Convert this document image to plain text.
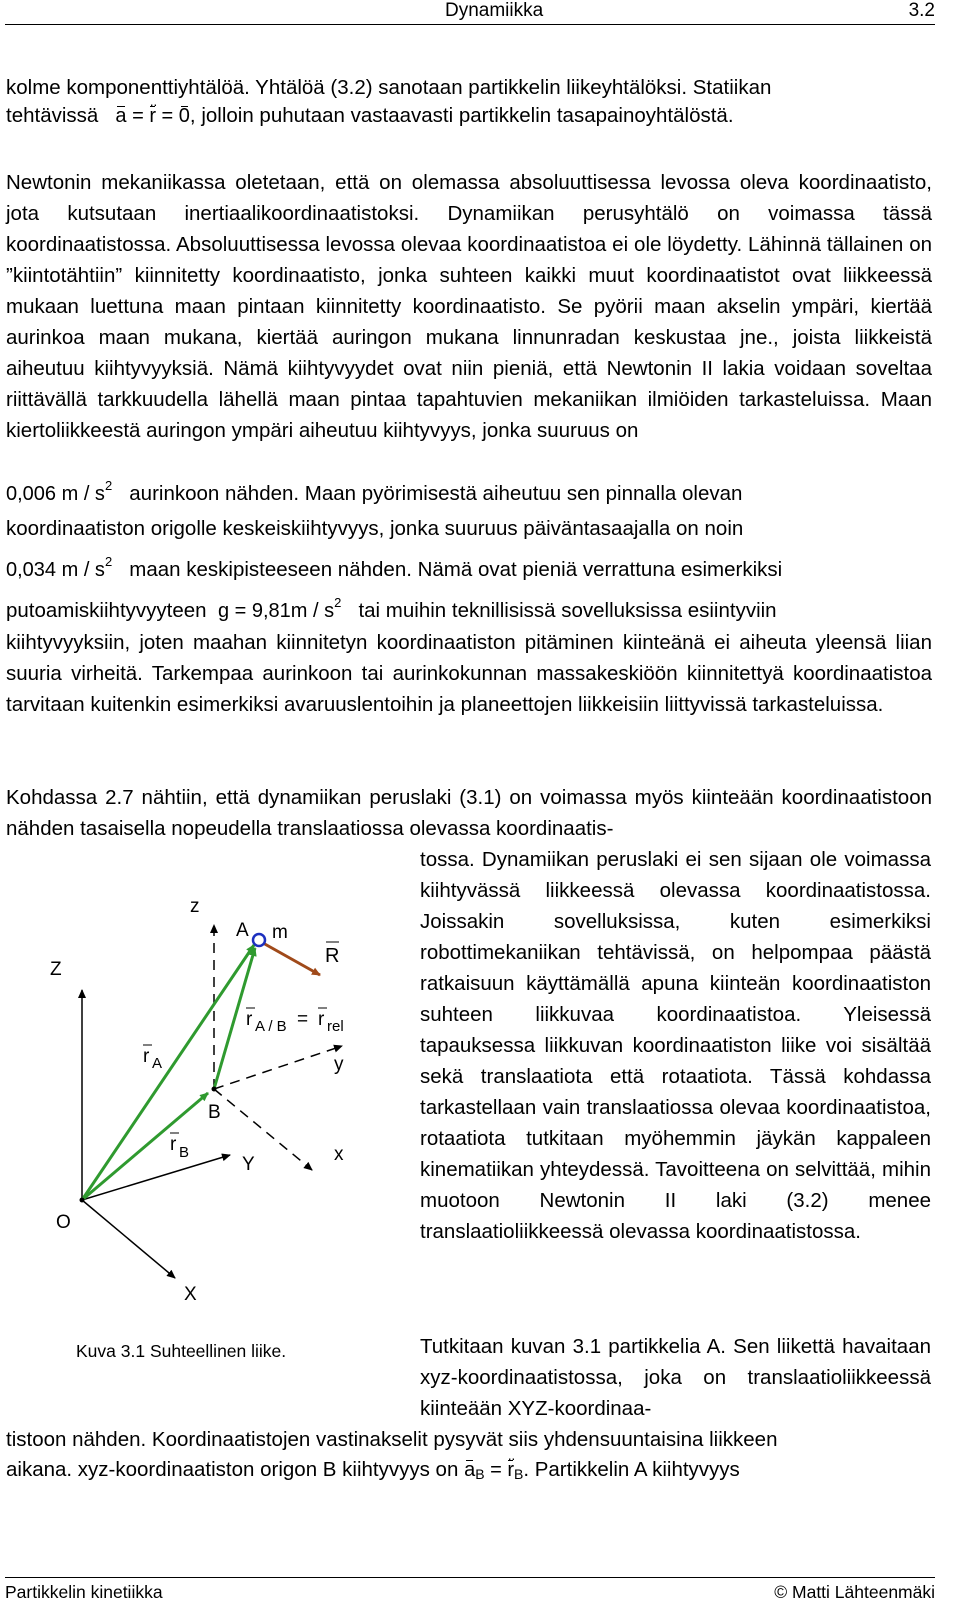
Dynamiikka	3.2
kolme komponenttiyhtälöä. Yhtälöä (3.2) sanotaan partikkelin liikeyhtälöksi. Statiikan
tehtävissä a = ·· r = 0, jolloin puhutaan vastaavasti partikkelin tasapainoyhtälöstä.

Newtonin mekaniikassa oletetaan, että on olemassa absoluuttisessa levossa oleva koordinaatisto, jota kutsutaan inertiaalikoordinaatistoksi. Dynamiikan perusyhtälö on voimassa tässä koordinaatistossa. Absoluuttisessa levossa olevaa koordinaatistoa ei ole löydetty. Lähinnä tällainen on ”kiintotähtiin” kiinnitetty koordinaatisto, jonka suhteen kaikki muut koordinaatistot ovat liikkeessä mukaan luettuna maan pintaan kiinnitetty koordinaatisto. Se pyörii maan akselin ympäri, kiertää aurinkoa maan mukana, kiertää auringon mukana linnunradan keskustaa jne., joista liikkeistä aiheutuu kiihtyvyyksiä. Nämä kiihtyvyydet ovat niin pieniä, että Newtonin II lakia voidaan soveltaa riittävällä tarkkuudella lähellä maan pintaa tapahtuvien mekaniikan ilmiöiden tarkasteluissa. Maan kiertoliikkeestä auringon ympäri aiheutuu kiihtyvyys, jonka suuruus on

0,006 m / $s^2$   aurinkoon nähden. Maan pyörimisestä aiheutuu sen pinnalla olevan
koordinaatiston origolle keskeiskiihtyvyys, jonka suuruus päiväntasaajalla on noin
0,034 m / $s^2$   maan keskipisteeseen nähden. Nämä ovat pieniä verrattuna esimerkiksi
putoamiskiihtyvyyteen  $g = 9,81m / s^2$   tai muihin teknillisissä sovelluksissa esiintyviin

kiihtyvyyksiin, joten maahan kiinnitetyn koordinaatiston pitäminen kiinteänä ei aiheuta yleensä liian suuria virheitä. Tarkempaa aurinkoon tai aurinkokunnan massakeskiöön kiinnitettyä koordinaatistoa tarvitaan kuitenkin esimerkiksi avaruuslentoihin ja planeettojen liikkeisiin liittyvissä tarkasteluissa.

Kohdassa 2.7 nähtiin, että dynamiikan peruslaki (3.1) on voimassa myös kiinteään koordinaatistoon nähden tasaisella nopeudella translaatiossa olevassa koordinaatis-

tossa. Dynamiikan peruslaki ei sen sijaan ole voimassa kiihtyvässä liikkeessä olevassa koordinaatistossa. Joissakin sovelluksissa, kuten esimerkiksi robottimekaniikan tehtävissä, on helpompaa päästä ratkaisuun käyttämällä apuna kiinteän koordinaatiston suhteen liikkuvaa koordinaatistoa. Yleisessä tapauksessa liikkuvan koordinaatiston liike voi sisältää sekä translaatiota että rotaatiota. Tässä kohdassa tarkastellaan vain translaatiossa olevaa koordinaatistoa, rotaatiota tutkitaan myöhemmin jäykän kappaleen kinematiikan yhteydessä. Tavoitteena on selvittää, mihin muotoon Newtonin II laki (3.2) menee translaatioliikkeessä olevassa koordinaatistossa.

Z
X
Y
O
z
y
x
A m
B
r A
r B
R
r A / B = r rel
Kuva 3.1 Suhteellinen liike.	Tutkitaan kuvan 3.1 partikkelia A. Sen liikettä havaitaan xyz-koordinaatistossa, joka on translaatioliikkeessä kiinteään XYZ-koordinaa-

tistoon nähden. Koordinaatistojen vastinakselit pysyvät siis yhdensuuntaisina liikkeen

aikana. xyz-koordinaatiston origon B kiihtyvyys on $a_B$ = ·· $r_B$. Partikkelin A kiihtyvyys
Partikkelin kinetiikka	© Matti Lähteenmäki
